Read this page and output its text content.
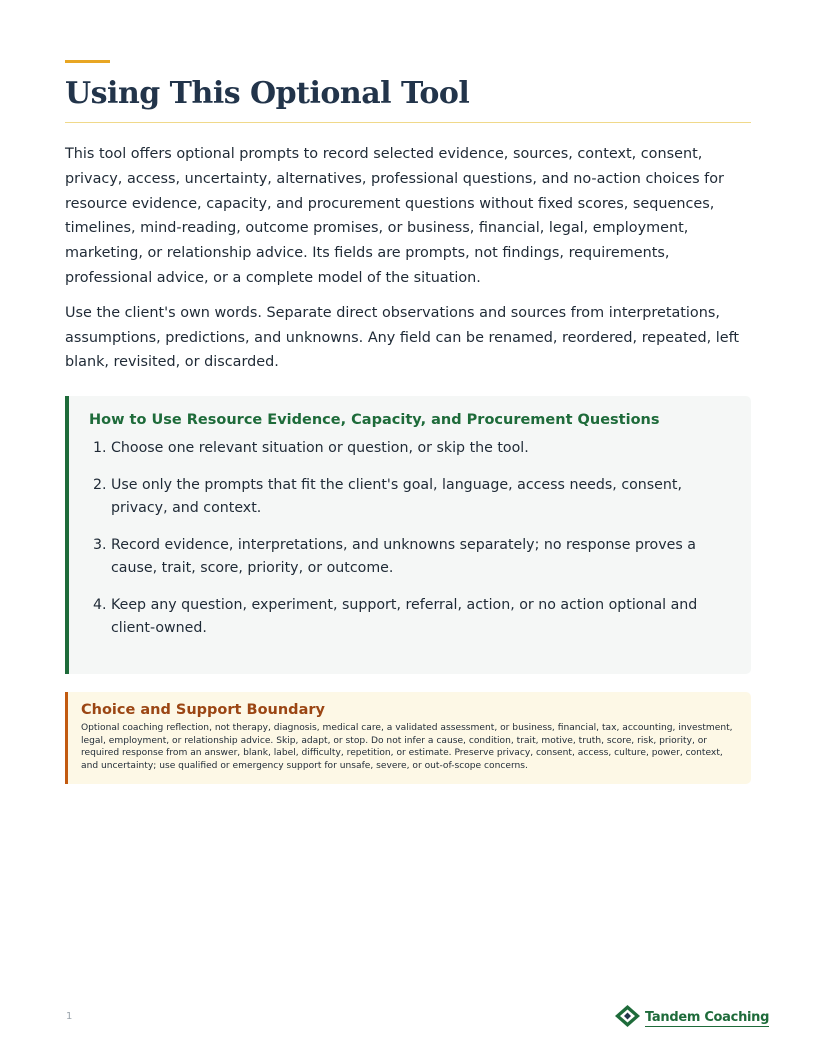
Using This Optional Tool

This tool offers optional prompts to record selected evidence, sources, context, consent, privacy, access, uncertainty, alternatives, professional questions, and no-action choices for resource evidence, capacity, and procurement questions without fixed scores, sequences, timelines, mind-reading, outcome promises, or business, financial, legal, employment, marketing, or relationship advice. Its fields are prompts, not findings, requirements, professional advice, or a complete model of the situation.

Use the client's own words. Separate direct observations and sources from interpretations, assumptions, predictions, and unknowns. Any field can be renamed, reordered, repeated, left blank, revisited, or discarded.

How to Use Resource Evidence, Capacity, and Procurement Questions
1. Choose one relevant situation or question, or skip the tool.
2. Use only the prompts that fit the client's goal, language, access needs, consent, privacy, and context.
3. Record evidence, interpretations, and unknowns separately; no response proves a cause, trait, score, priority, or outcome.
4. Keep any question, experiment, support, referral, action, or no action optional and client-owned.
Choice and Support Boundary

Optional coaching reflection, not therapy, diagnosis, medical care, a validated assessment, or business, financial, tax, accounting, investment, legal, employment, or relationship advice. Skip, adapt, or stop. Do not infer a cause, condition, trait, motive, truth, score, risk, priority, or required response from an answer, blank, label, difficulty, repetition, or estimate. Preserve privacy, consent, access, culture, power, context, and uncertainty; use qualified or emergency support for unsafe, severe, or out-of-scope concerns.

1	Tandem Coaching
